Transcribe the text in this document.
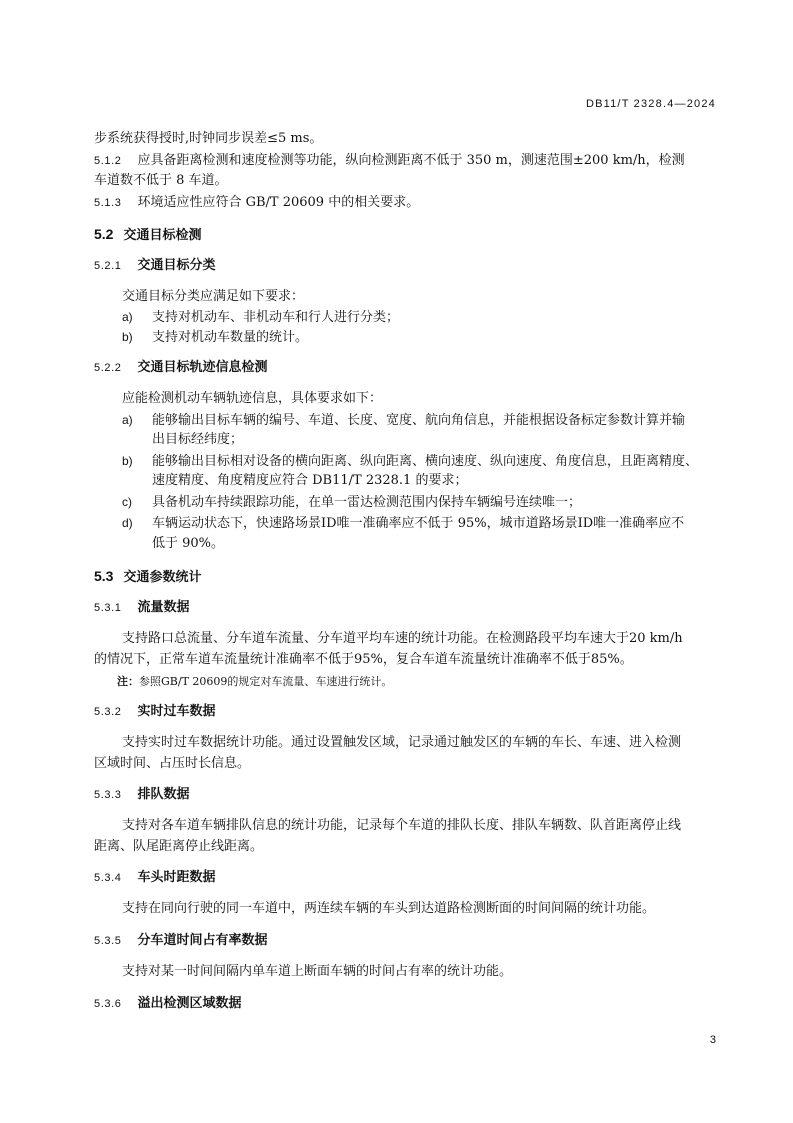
DB11/T 2328.4—2024
步系统获得授时,时钟同步误差≤5 ms。
5.1.2 应具备距离检测和速度检测等功能，纵向检测距离不低于 350 m，测速范围±200 km/h，检测
车道数不低于 8 车道。
5.1.3 环境适应性应符合 GB/T 20609 中的相关要求。
5.2 交通目标检测
5.2.1 交通目标分类
交通目标分类应满足如下要求：
a) 支持对机动车、非机动车和行人进行分类；
b) 支持对机动车数量的统计。
5.2.2 交通目标轨迹信息检测
应能检测机动车辆轨迹信息，具体要求如下：
a) 能够输出目标车辆的编号、车道、长度、宽度、航向角信息，并能根据设备标定参数计算并输
出目标经纬度；
b) 能够输出目标相对设备的横向距离、纵向距离、横向速度、纵向速度、角度信息，且距离精度、
速度精度、角度精度应符合 DB11/T 2328.1 的要求；
c) 具备机动车持续跟踪功能，在单一雷达检测范围内保持车辆编号连续唯一；
d) 车辆运动状态下，快速路场景ID唯一准确率应不低于 95%，城市道路场景ID唯一准确率应不
低于 90%。
5.3 交通参数统计
5.3.1 流量数据
支持路口总流量、分车道车流量、分车道平均车速的统计功能。在检测路段平均车速大于20 km/h
的情况下，正常车道车流量统计准确率不低于95%，复合车道车流量统计准确率不低于85%。
注：参照GB/T 20609的规定对车流量、车速进行统计。
5.3.2 实时过车数据
支持实时过车数据统计功能。通过设置触发区域，记录通过触发区的车辆的车长、车速、进入检测
区域时间、占压时长信息。
5.3.3 排队数据
支持对各车道车辆排队信息的统计功能，记录每个车道的排队长度、排队车辆数、队首距离停止线
距离、队尾距离停止线距离。
5.3.4 车头时距数据
支持在同向行驶的同一车道中，两连续车辆的车头到达道路检测断面的时间间隔的统计功能。
5.3.5 分车道时间占有率数据
支持对某一时间间隔内单车道上断面车辆的时间占有率的统计功能。
5.3.6 溢出检测区域数据
3
